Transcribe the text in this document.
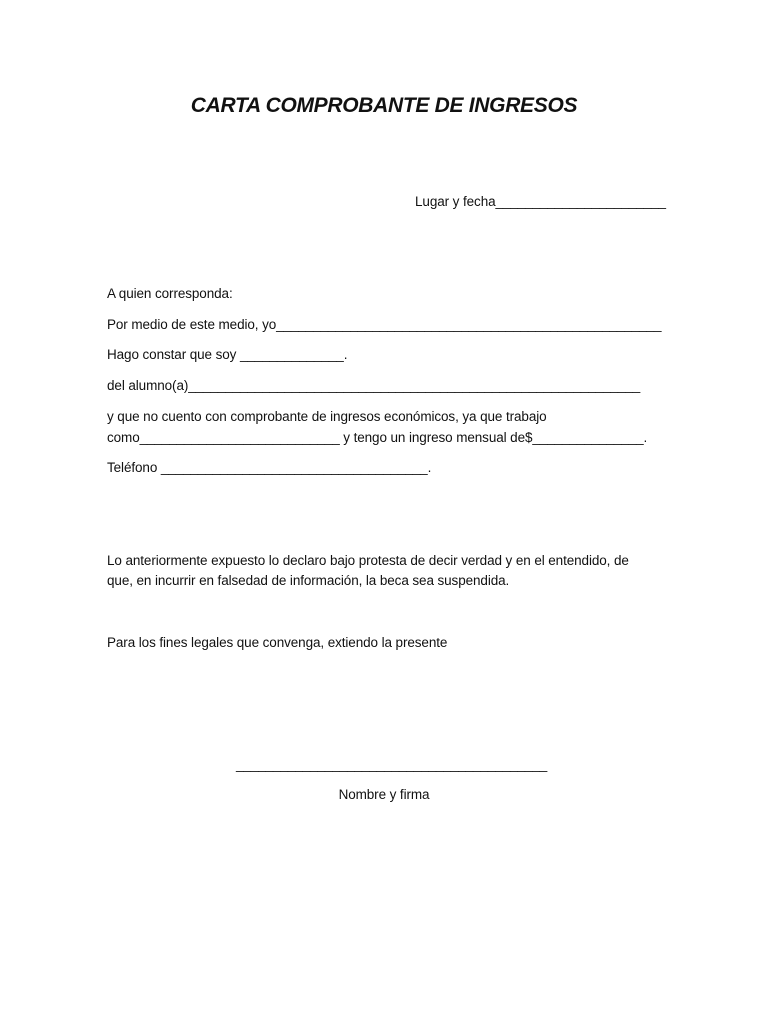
CARTA COMPROBANTE DE INGRESOS
Lugar y fecha_______________________
A quien corresponda:
Por medio de este medio, yo____________________________________________________
Hago constar que soy ______________.
del alumno(a)_____________________________________________________________
y que no cuento con comprobante de ingresos económicos, ya que trabajo
como___________________________ y tengo un ingreso mensual de$_______________.
Teléfono ____________________________________.
Lo anteriormente expuesto lo declaro bajo protesta de decir verdad y en el entendido, de
que, en incurrir en falsedad de información, la beca sea suspendida.
Para los fines legales que convenga, extiendo la presente
__________________________________________
Nombre y firma
